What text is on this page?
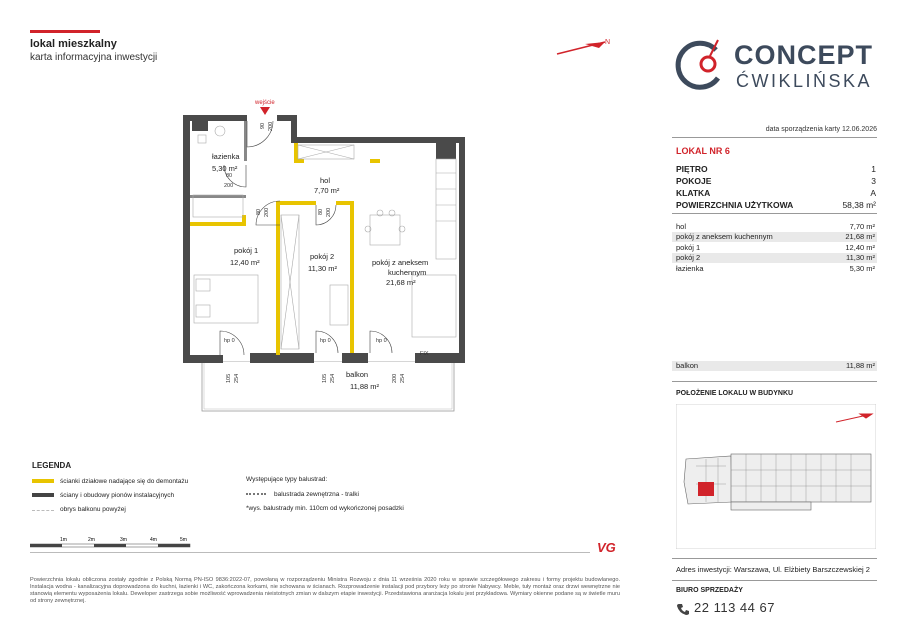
lokal mieszkalny
karta informacyjna inwestycji
N	CONCEPT
ĆWIKLIŃSKA
data sporządzenia karty 12.06.2026
LOKAL NR 6
PIĘTRO	1
POKOJE	3
KLATKA	A
POWIERZCHNIA UŻYTKOWA	58,38 m²
hol	7,70 m²
pokój z aneksem kuchennym	21,68 m²
pokój 1	12,40 m²
pokój 2	11,30 m²
łazienka	5,30 m²
balkon	11,88 m²
POŁOŻENIE LOKALU W BUDYNKU
Adres inwestycji: Warszawa, Ul. Elżbiety Barszczewskiej 2
BIURO SPRZEDAŻY
22 113 44 67
wejście
90 200
80
200
80 200	80 200
hp 0	hp 0	hp 0
FIX
105 254	105 254	200 254
łazienka
5,30 m²
hol
7,70 m²
pokój 1
12,40 m²
pokój 2
11,30 m²
pokój z aneksem
kuchennym
21,68 m²
balkon
11,88 m²
LEGENDA
ścianki działowe nadające się do demontażu
ściany i obudowy pionów instalacyjnych
obrys balkonu powyżej
Występujące typy balustrad:
balustrada zewnętrzna - tralki
*wys. balustrady min. 110cm od wykończonej posadzki
1m	2m	3m	4m	5m	VG
Powierzchnia lokalu obliczona zostały zgodnie z Polską Normą PN-ISO 9836:2022-07, powołaną w rozporządzeniu Ministra Rozwoju z dnia 11 września 2020 roku w sprawie szczegółowego zakresu i formy projektu budowlanego. Instalacja wodna - kanalizacyjna doprowadzona do kuchni, łazienki i WC, zakończona korkami, nie schowana w ścianach. Rozprowadzenie instalacji pod przybory leży po stronie Nabywcy. Meble, tuły montaż oraz drzwi wewnętrzne nie stanowią elementu wyposażenia lokalu. Deweloper zastrzega sobie możliwość wprowadzenia nieistotnych zmian w dalszym etapie inwestycji. Przedstawiona aranżacja lokalu jest przykładowa. Wymiary okienne podane są w świetle muru od strony zewnętrznej.
